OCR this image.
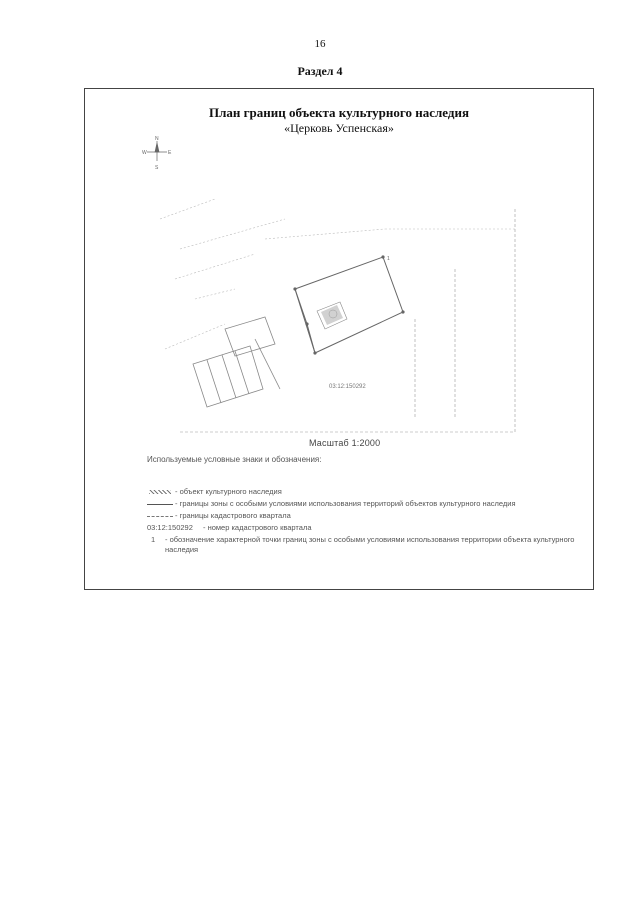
16
Раздел 4
План границ объекта культурного наследия
«Церковь Успенская»
N
S
W	E
1
03:12:150292
Масштаб 1:2000
Используемые условные знаки и обозначения:
- объект культурного наследия
- границы зоны с особыми условиями использования территорий объектов культурного наследия
- границы кадастрового квартала
03:12:150292	- номер кадастрового квартала
1	- обозначение характерной точки границ зоны с особыми условиями использования территории объекта культурного наследия
